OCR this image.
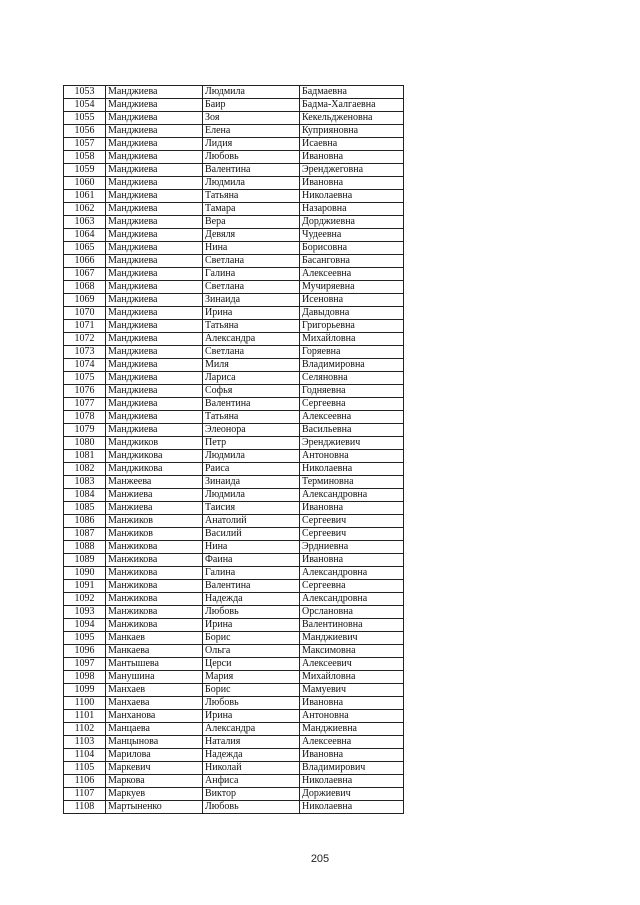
1053	Манджиева	Людмила	Бадмаевна
1054	Манджиева	Баир	Бадма-Халгаевна
1055	Манджиева	Зоя	Кекельдженовна
1056	Манджиева	Елена	Куприяновна
1057	Манджиева	Лидия	Исаевна
1058	Манджиева	Любовь	Ивановна
1059	Манджиева	Валентина	Эренджеговна
1060	Манджиева	Людмила	Ивановна
1061	Манджиева	Татьяна	Николаевна
1062	Манджиева	Тамара	Назаровна
1063	Манджиева	Вера	Дорджиевна
1064	Манджиева	Девяля	Чудеевна
1065	Манджиева	Нина	Борисовна
1066	Манджиева	Светлана	Басанговна
1067	Манджиева	Галина	Алексеевна
1068	Манджиева	Светлана	Мучиряевна
1069	Манджиева	Зинаида	Исеновна
1070	Манджиева	Ирина	Давыдовна
1071	Манджиева	Татьяна	Григорьевна
1072	Манджиева	Александра	Михайловна
1073	Манджиева	Светлана	Горяевна
1074	Манджиева	Миля	Владимировна
1075	Манджиева	Лариса	Селяновна
1076	Манджиева	Софья	Годняевна
1077	Манджиева	Валентина	Сергеевна
1078	Манджиева	Татьяна	Алексеевна
1079	Манджиева	Элеонора	Васильевна
1080	Манджиков	Петр	Эренджиевич
1081	Манджикова	Людмила	Антоновна
1082	Манджикова	Раиса	Николаевна
1083	Манжеева	Зинаида	Терминовна
1084	Манжиева	Людмила	Александровна
1085	Манжиева	Таисия	Ивановна
1086	Манжиков	Анатолий	Сергеевич
1087	Манжиков	Василий	Сергеевич
1088	Манжикова	Нина	Эрдниевна
1089	Манжикова	Фаина	Ивановна
1090	Манжикова	Галина	Александровна
1091	Манжикова	Валентина	Сергеевна
1092	Манжикова	Надежда	Александровна
1093	Манжикова	Любовь	Орслановна
1094	Манжикова	Ирина	Валентиновна
1095	Манкаев	Борис	Манджиевич
1096	Манкаева	Ольга	Максимовна
1097	Мантышева	Церси	Алексеевич
1098	Манушина	Мария	Михайловна
1099	Манхаев	Борис	Мамуевич
1100	Манхаева	Любовь	Ивановна
1101	Манханова	Ирина	Антоновна
1102	Манцаева	Александра	Манджиевна
1103	Манцынова	Наталия	Алексеевна
1104	Марилова	Надежда	Ивановна
1105	Маркевич	Николай	Владимирович
1106	Маркова	Анфиса	Николаевна
1107	Маркуев	Виктор	Доржиевич
1108	Мартыненко	Любовь	Николаевна
205
